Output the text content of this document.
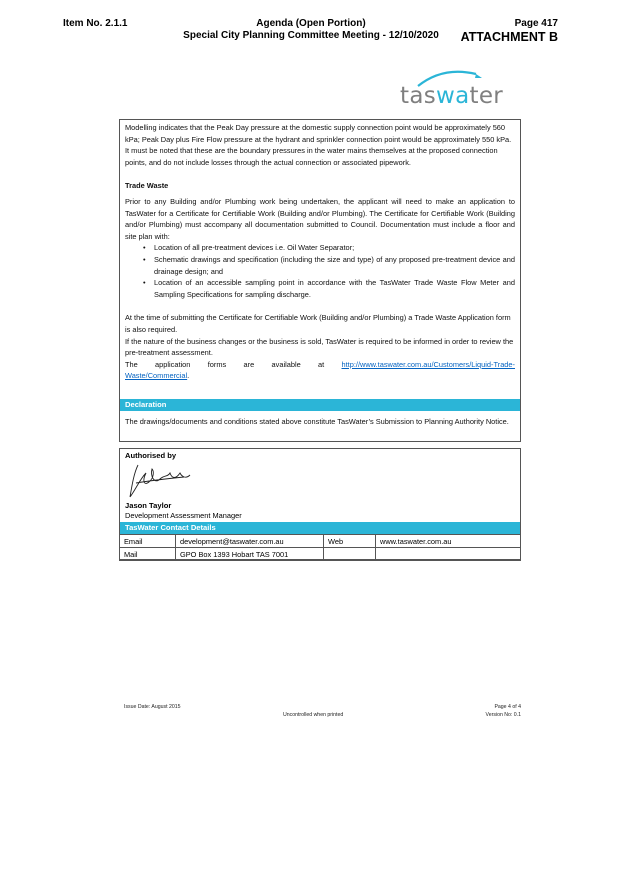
Item No. 2.1.1	Agenda (Open Portion)
Special City Planning Committee Meeting - 12/10/2020
Page 417
ATTACHMENT B
taswater

Modelling indicates that the Peak Day pressure at the domestic supply connection point would be approximately 560 kPa; Peak Day plus Fire Flow pressure at the hydrant and sprinkler connection point would be approximately 550 kPa.

It must be noted that these are the boundary pressures in the water mains themselves at the proposed connection points, and do not include losses through the actual connection or associated pipework.

Trade Waste

Prior to any Building and/or Plumbing work being undertaken, the applicant will need to make an application to TasWater for a Certificate for Certifiable Work (Building and/or Plumbing). The Certificate for Certifiable Work (Building and/or Plumbing) must accompany all documentation submitted to Council. Documentation must include a floor and site plan with:

• Location of all pre-treatment devices i.e. Oil Water Separator;
• Schematic drawings and specification (including the size and type) of any proposed pre-treatment device and drainage design; and
• Location of an accessible sampling point in accordance with the TasWater Trade Waste Flow Meter and Sampling Specifications for sampling discharge.

At the time of submitting the Certificate for Certifiable Work (Building and/or Plumbing) a Trade Waste Application form is also required.

If the nature of the business changes or the business is sold, TasWater is required to be informed in order to review the pre-treatment assessment.

The application forms are available at http://www.taswater.com.au/Customers/Liquid-Trade-

Waste/Commercial.

Declaration
The drawings/documents and conditions stated above constitute TasWater’s Submission to Planning Authority Notice.
Authorised by
Jason Taylor
Development Assessment Manager
TasWater Contact Details
Email	development@taswater.com.au	Web	www.taswater.com.au
Mail	GPO Box 1393 Hobart TAS 7001		
Issue Date: August 2015
Uncontrolled when printed
Page 4 of 4
Version No: 0.1
